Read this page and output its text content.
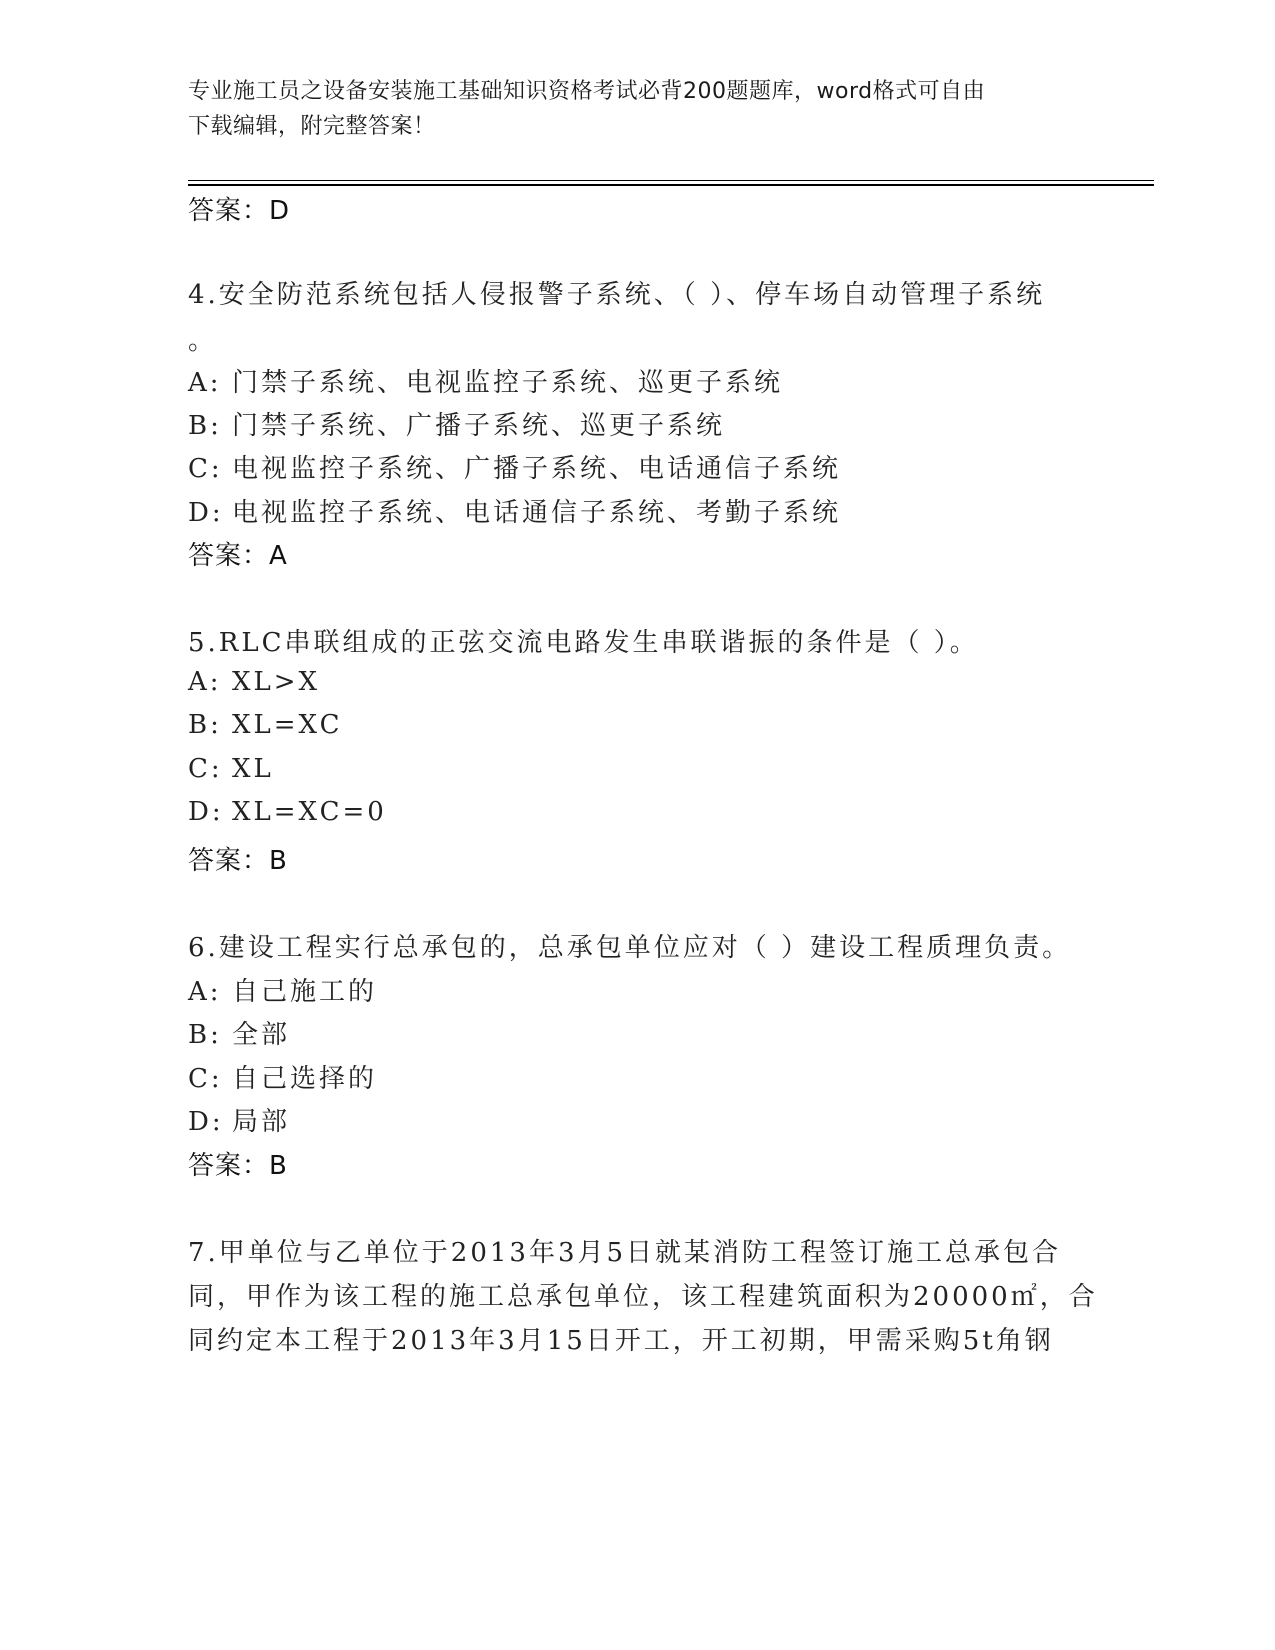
专业施工员之设备安装施工基础知识资格考试必背200题题库，word格式可自由
下载编辑，附完整答案！
答案：D
4.安全防范系统包括人侵报警子系统、（ ）、停车场自动管理子系统
。
A: 门禁子系统、电视监控子系统、巡更子系统
B: 门禁子系统、广播子系统、巡更子系统
C: 电视监控子系统、广播子系统、电话通信子系统
D: 电视监控子系统、电话通信子系统、考勤子系统
答案：A
5.RLC串联组成的正弦交流电路发生串联谐振的条件是（ ）。
A: XL>X
B: XL=XC
C: XL
D: XL=XC=0
答案：B
6.建设工程实行总承包的，总承包单位应对（ ）建设工程质理负责。
A: 自己施工的
B: 全部
C: 自己选择的
D: 局部
答案：B
7.甲单位与乙单位于2013年3月5日就某消防工程签订施工总承包合
同，甲作为该工程的施工总承包单位，该工程建筑面积为20000㎡，合
同约定本工程于2013年3月15日开工，开工初期，甲需采购5t角钢
